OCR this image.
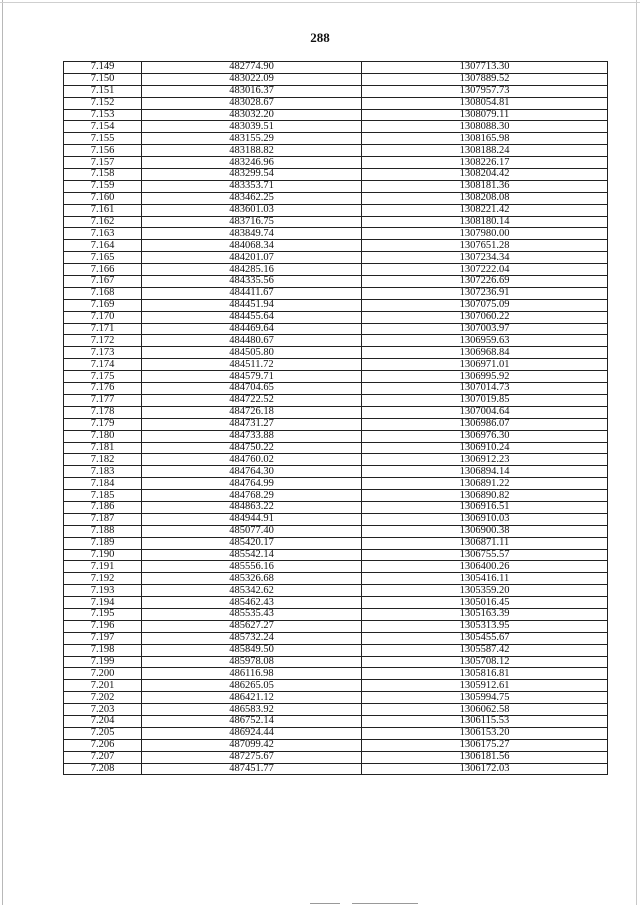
288
7.149	482774.90	1307713.30
7.150	483022.09	1307889.52
7.151	483016.37	1307957.73
7.152	483028.67	1308054.81
7.153	483032.20	1308079.11
7.154	483039.51	1308088.30
7.155	483155.29	1308165.98
7.156	483188.82	1308188.24
7.157	483246.96	1308226.17
7.158	483299.54	1308204.42
7.159	483353.71	1308181.36
7.160	483462.25	1308208.08
7.161	483601.03	1308221.42
7.162	483716.75	1308180.14
7.163	483849.74	1307980.00
7.164	484068.34	1307651.28
7.165	484201.07	1307234.34
7.166	484285.16	1307222.04
7.167	484335.56	1307226.69
7.168	484411.67	1307236.91
7.169	484451.94	1307075.09
7.170	484455.64	1307060.22
7.171	484469.64	1307003.97
7.172	484480.67	1306959.63
7.173	484505.80	1306968.84
7.174	484511.72	1306971.01
7.175	484579.71	1306995.92
7.176	484704.65	1307014.73
7.177	484722.52	1307019.85
7.178	484726.18	1307004.64
7.179	484731.27	1306986.07
7.180	484733.88	1306976.30
7.181	484750.22	1306910.24
7.182	484760.02	1306912.23
7.183	484764.30	1306894.14
7.184	484764.99	1306891.22
7.185	484768.29	1306890.82
7.186	484863.22	1306916.51
7.187	484944.91	1306910.03
7.188	485077.40	1306900.38
7.189	485420.17	1306871.11
7.190	485542.14	1306755.57
7.191	485556.16	1306400.26
7.192	485326.68	1305416.11
7.193	485342.62	1305359.20
7.194	485462.43	1305016.45
7.195	485535.43	1305163.39
7.196	485627.27	1305313.95
7.197	485732.24	1305455.67
7.198	485849.50	1305587.42
7.199	485978.08	1305708.12
7.200	486116.98	1305816.81
7.201	486265.05	1305912.61
7.202	486421.12	1305994.75
7.203	486583.92	1306062.58
7.204	486752.14	1306115.53
7.205	486924.44	1306153.20
7.206	487099.42	1306175.27
7.207	487275.67	1306181.56
7.208	487451.77	1306172.03
